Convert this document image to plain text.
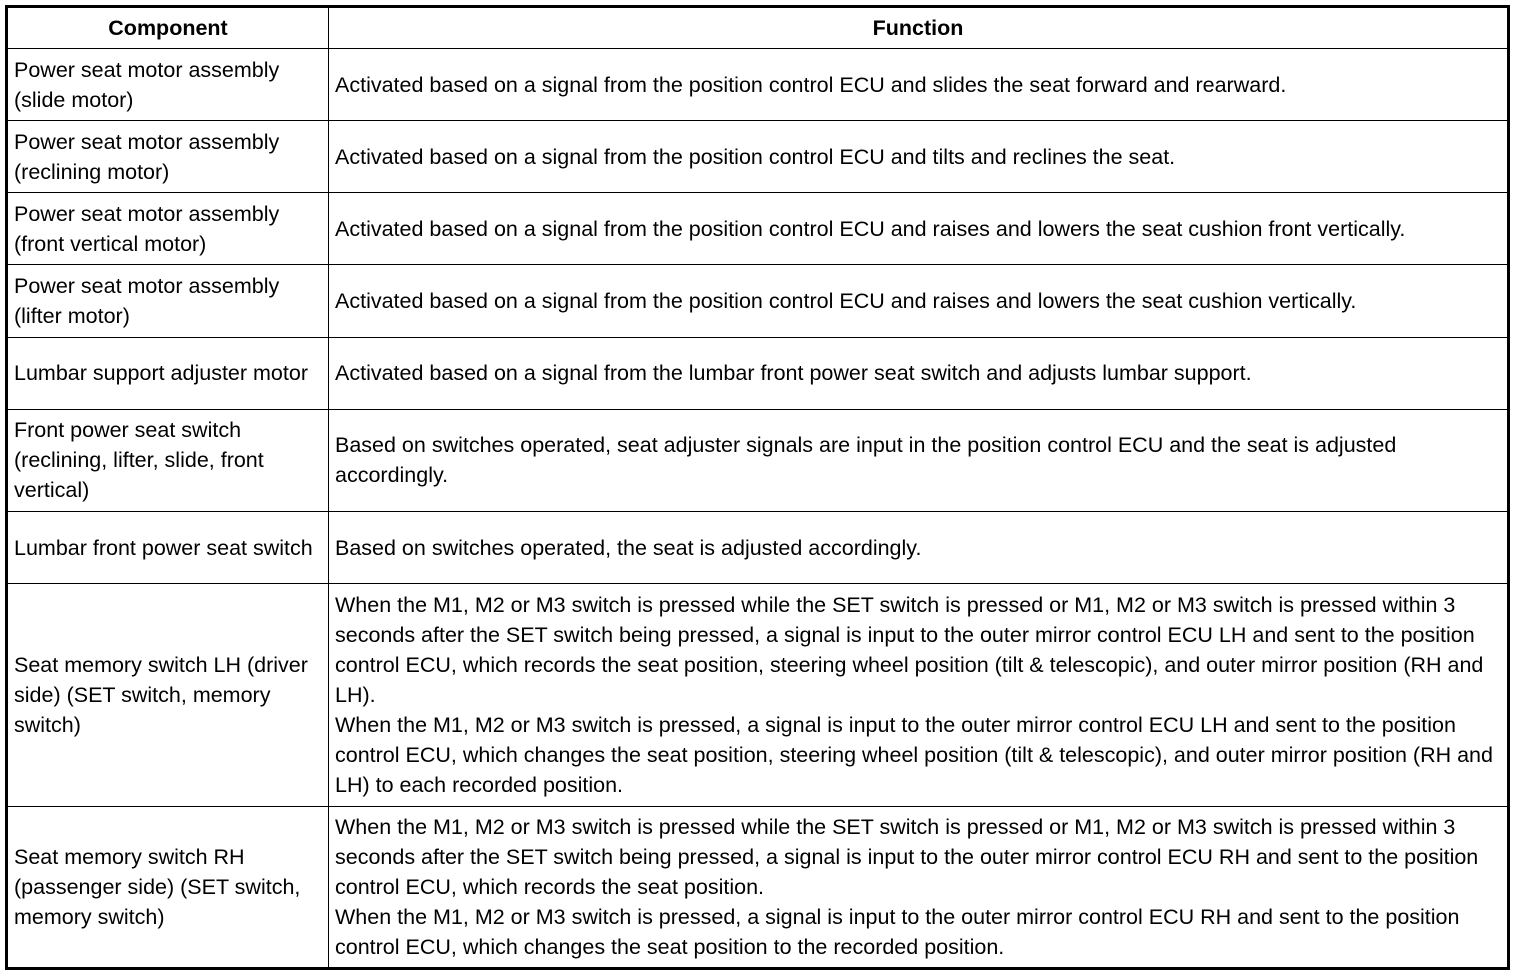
Component	Function
Power seat motor assembly (slide motor)	Activated based on a signal from the position control ECU and slides the seat forward and rearward.

Power seat motor assembly (reclining motor)	Activated based on a signal from the position control ECU and tilts and reclines the seat.

Power seat motor assembly (front vertical motor)	Activated based on a signal from the position control ECU and raises and lowers the seat cushion front vertically.

Power seat motor assembly (lifter motor)	Activated based on a signal from the position control ECU and raises and lowers the seat cushion vertically.

Lumbar support adjuster motor	Activated based on a signal from the lumbar front power seat switch and adjusts lumbar support.

Front power seat switch (reclining, lifter, slide, front vertical)	Based on switches operated, seat adjuster signals are input in the position control ECU and the seat is adjusted accordingly.

Lumbar front power seat switch	Based on switches operated, the seat is adjusted accordingly.

Seat memory switch LH (driver side) (SET switch, memory switch)	When the M1, M2 or M3 switch is pressed while the SET switch is pressed or M1, M2 or M3 switch is pressed within 3 seconds after the SET switch being pressed, a signal is input to the outer mirror control ECU LH and sent to the position control ECU, which records the seat position, steering wheel position (tilt & telescopic), and outer mirror position (RH and LH).
When the M1, M2 or M3 switch is pressed, a signal is input to the outer mirror control ECU LH and sent to the position control ECU, which changes the seat position, steering wheel position (tilt & telescopic), and outer mirror position (RH and LH) to each recorded position.

Seat memory switch RH (passenger side) (SET switch, memory switch)	When the M1, M2 or M3 switch is pressed while the SET switch is pressed or M1, M2 or M3 switch is pressed within 3 seconds after the SET switch being pressed, a signal is input to the outer mirror control ECU RH and sent to the position control ECU, which records the seat position.
When the M1, M2 or M3 switch is pressed, a signal is input to the outer mirror control ECU RH and sent to the position control ECU, which changes the seat position to the recorded position.
